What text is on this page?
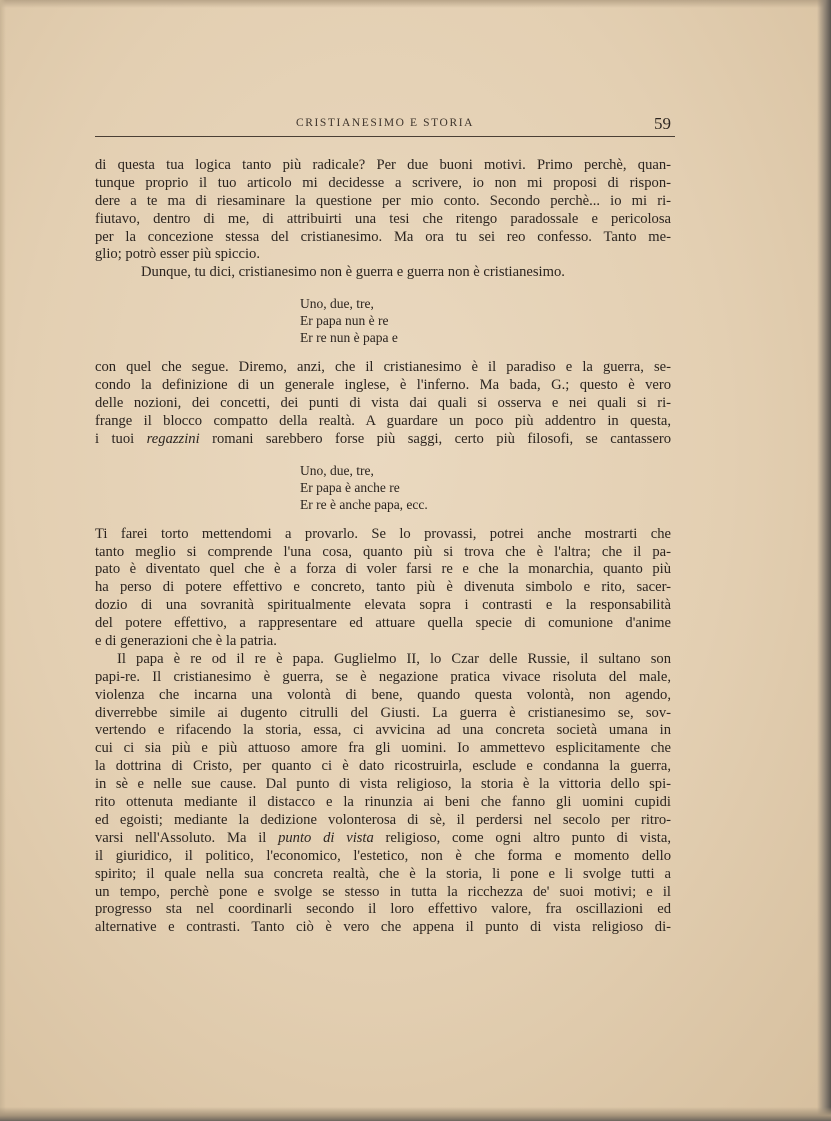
CRISTIANESIMO E STORIA	59
di questa tua logica tanto più radicale? Per due buoni motivi. Primo perchè, quan-
tunque proprio il tuo articolo mi decidesse a scrivere, io non mi proposi di rispon-
dere a te ma di riesaminare la questione per mio conto. Secondo perchè... io mi ri-
fiutavo, dentro di me, di attribuirti una tesi che ritengo paradossale e pericolosa
per la concezione stessa del cristianesimo. Ma ora tu sei reo confesso. Tanto me-
glio; potrò esser più spiccio.
Dunque, tu dici, cristianesimo non è guerra e guerra non è cristianesimo.
Uno, due, tre,
Er papa nun è re
Er re nun è papa e
con quel che segue. Diremo, anzi, che il cristianesimo è il paradiso e la guerra, se-
condo la definizione di un generale inglese, è l'inferno. Ma bada, G.; questo è vero
delle nozioni, dei concetti, dei punti di vista dai quali si osserva e nei quali si ri-
frange il blocco compatto della realtà. A guardare un poco più addentro in questa,
i tuoi regazzini romani sarebbero forse più saggi, certo più filosofi, se cantassero
Uno, due, tre,
Er papa è anche re
Er re è anche papa, ecc.
Ti farei torto mettendomi a provarlo. Se lo provassi, potrei anche mostrarti che
tanto meglio si comprende l'una cosa, quanto più si trova che è l'altra; che il pa-
pato è diventato quel che è a forza di voler farsi re e che la monarchia, quanto più
ha perso di potere effettivo e concreto, tanto più è divenuta simbolo e rito, sacer-
dozio di una sovranità spiritualmente elevata sopra i contrasti e la responsabilità
del potere effettivo, a rappresentare ed attuare quella specie di comunione d'anime
e di generazioni che è la patria.
Il papa è re od il re è papa. Guglielmo II, lo Czar delle Russie, il sultano son
papi-re. Il cristianesimo è guerra, se è negazione pratica vivace risoluta del male,
violenza che incarna una volontà di bene, quando questa volontà, non agendo,
diverrebbe simile ai dugento citrulli del Giusti. La guerra è cristianesimo se, sov-
vertendo e rifacendo la storia, essa, ci avvicina ad una concreta società umana in
cui ci sia più e più attuoso amore fra gli uomini. Io ammettevo esplicitamente che
la dottrina di Cristo, per quanto ci è dato ricostruirla, esclude e condanna la guerra,
in sè e nelle sue cause. Dal punto di vista religioso, la storia è la vittoria dello spi-
rito ottenuta mediante il distacco e la rinunzia ai beni che fanno gli uomini cupidi
ed egoisti; mediante la dedizione volonterosa di sè, il perdersi nel secolo per ritro-
varsi nell'Assoluto. Ma il punto di vista religioso, come ogni altro punto di vista,
il giuridico, il politico, l'economico, l'estetico, non è che forma e momento dello
spirito; il quale nella sua concreta realtà, che è la storia, li pone e li svolge tutti a
un tempo, perchè pone e svolge se stesso in tutta la ricchezza de' suoi motivi; e il
progresso sta nel coordinarli secondo il loro effettivo valore, fra oscillazioni ed
alternative e contrasti. Tanto ciò è vero che appena il punto di vista religioso di-
